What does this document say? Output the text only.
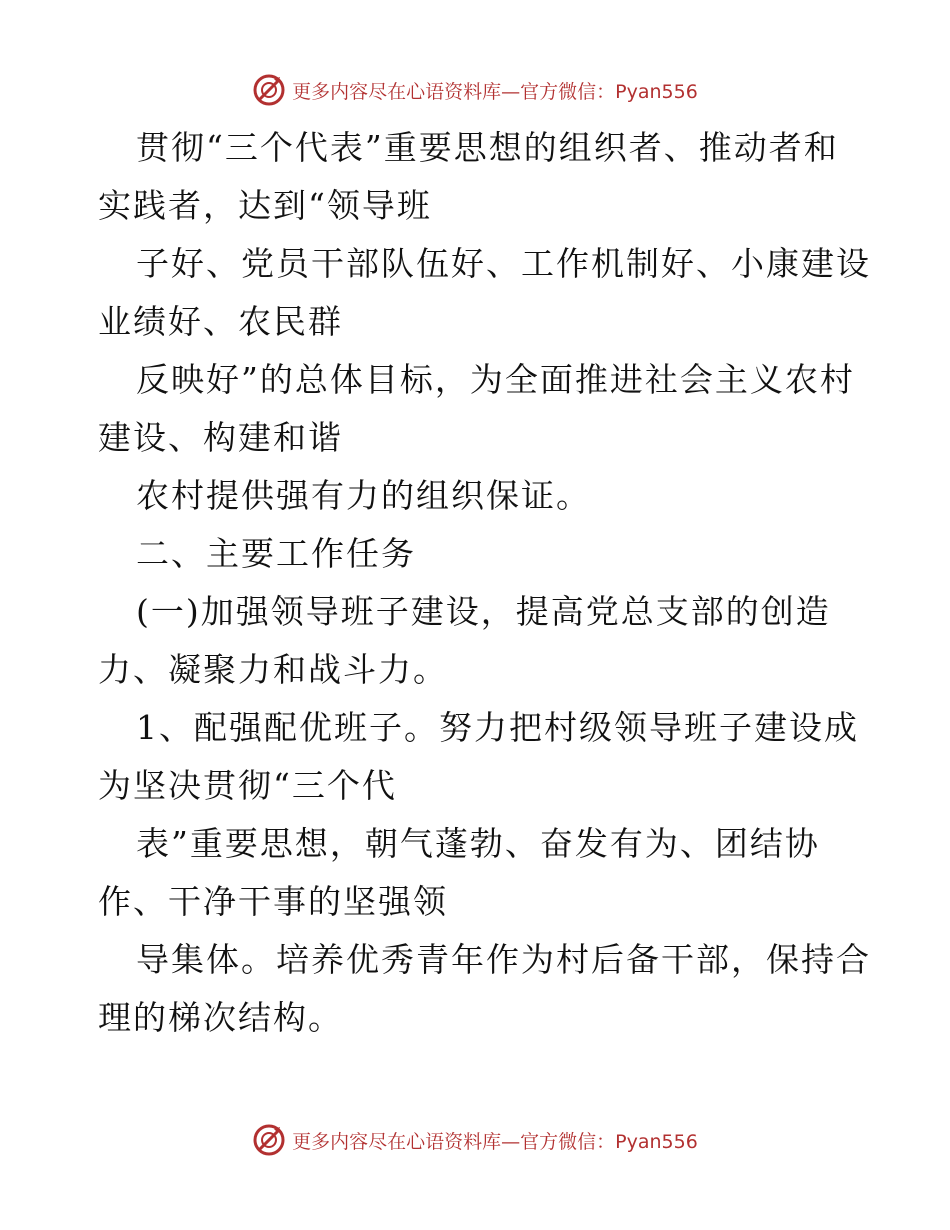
更多内容尽在心语资料库—官方微信：Pyan556
贯彻“三个代表”重要思想的组织者、推动者和
实践者，达到“领导班
子好、党员干部队伍好、工作机制好、小康建设
业绩好、农民群
反映好”的总体目标，为全面推进社会主义农村
建设、构建和谐
农村提供强有力的组织保证。
二、主要工作任务
(一)加强领导班子建设，提高党总支部的创造
力、凝聚力和战斗力。
1、配强配优班子。努力把村级领导班子建设成
为坚决贯彻“三个代
表”重要思想，朝气蓬勃、奋发有为、团结协
作、干净干事的坚强领
导集体。培养优秀青年作为村后备干部，保持合
理的梯次结构。
更多内容尽在心语资料库—官方微信：Pyan556
